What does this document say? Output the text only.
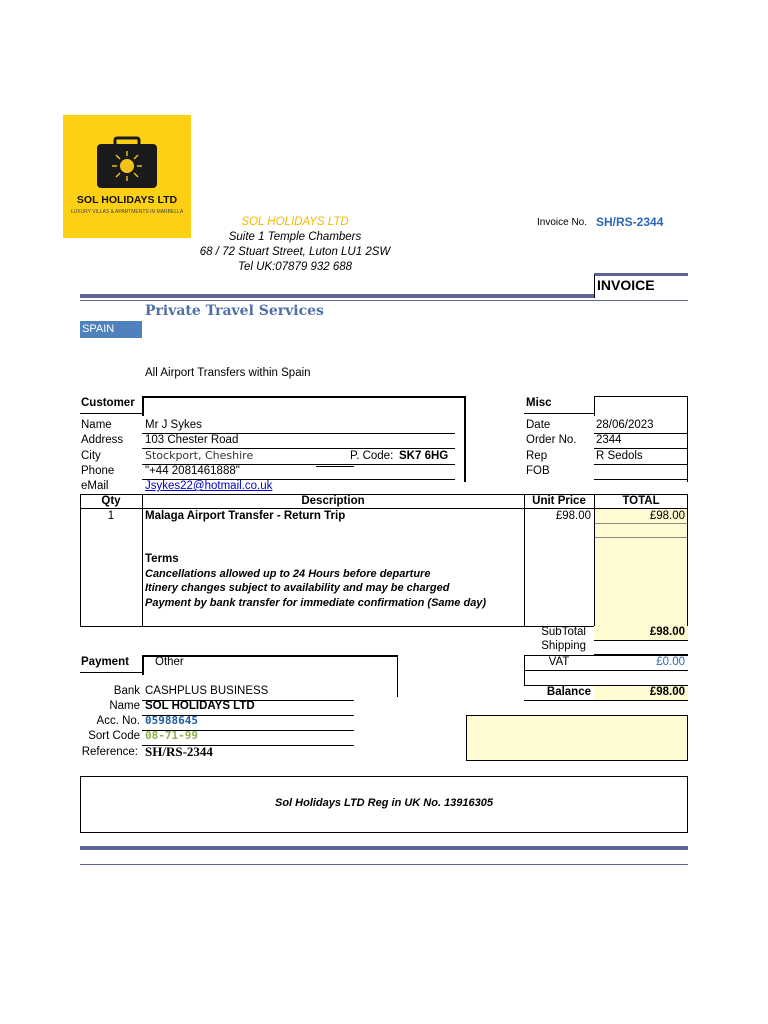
SOL HOLIDAYS LTD
LUXURY VILLAS & APARTMENTS IN MARBELLA
SOL HOLIDAYS LTD
Suite 1 Temple Chambers
68 / 72 Stuart Street, Luton LU1 2SW
Tel UK:07879 932 688
Invoice No. SH/RS-2344
INVOICE
Private Travel Services
SPAIN
All Airport Transfers within Spain
Customer
Name	Mr J Sykes
Address 103 Chester Road
City	Stockport, Cheshire	P. Code: SK7 6HG
Phone	"+44 2081461888"
eMail	Jsykes22@hotmail.co.uk
Misc
Date	28/06/2023
Order No. 2344
Rep	R Sedols
FOB
Qty	Description	Unit Price	TOTAL
1	Malaga Airport Transfer - Return Trip	£98.00	£98.00
Terms
Cancellations allowed up to 24 Hours before departure
Itinery changes subject to availability and may be charged
Payment by bank transfer for immediate confirmation (Same day)
SubTotal	£98.00
Shipping
VAT	£0.00
Balance	£98.00
Payment Other
Bank CASHPLUS BUSINESS
Name SOL HOLIDAYS LTD
Acc. No. 05988645
Sort Code 08-71-99
Reference: SH/RS-2344
Sol Holidays LTD Reg in UK No. 13916305
